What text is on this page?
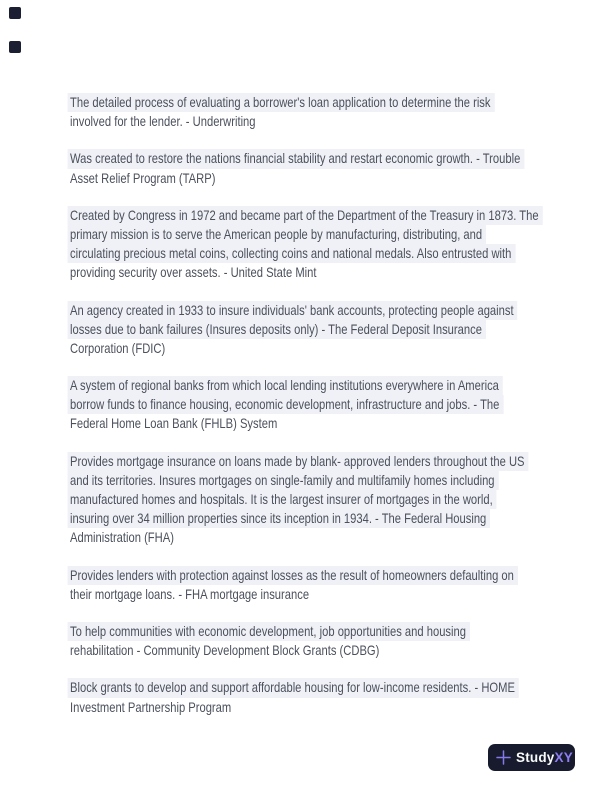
The detailed process of evaluating a borrower's loan application to determine the risk
involved for the lender. - Underwriting
Was created to restore the nations financial stability and restart economic growth. - Trouble
Asset Relief Program (TARP)
Created by Congress in 1972 and became part of the Department of the Treasury in 1873. The
primary mission is to serve the American people by manufacturing, distributing, and
circulating precious metal coins, collecting coins and national medals. Also entrusted with
providing security over assets. - United State Mint
An agency created in 1933 to insure individuals' bank accounts, protecting people against
losses due to bank failures (Insures deposits only) - The Federal Deposit Insurance
Corporation (FDIC)
A system of regional banks from which local lending institutions everywhere in America
borrow funds to finance housing, economic development, infrastructure and jobs. - The
Federal Home Loan Bank (FHLB) System
Provides mortgage insurance on loans made by blank- approved lenders throughout the US
and its territories. Insures mortgages on single-family and multifamily homes including
manufactured homes and hospitals. It is the largest insurer of mortgages in the world,
insuring over 34 million properties since its inception in 1934. - The Federal Housing
Administration (FHA)
Provides lenders with protection against losses as the result of homeowners defaulting on
their mortgage loans. - FHA mortgage insurance
To help communities with economic development, job opportunities and housing
rehabilitation - Community Development Block Grants (CDBG)
Block grants to develop and support affordable housing for low-income residents. - HOME
Investment Partnership Program
StudyXY
